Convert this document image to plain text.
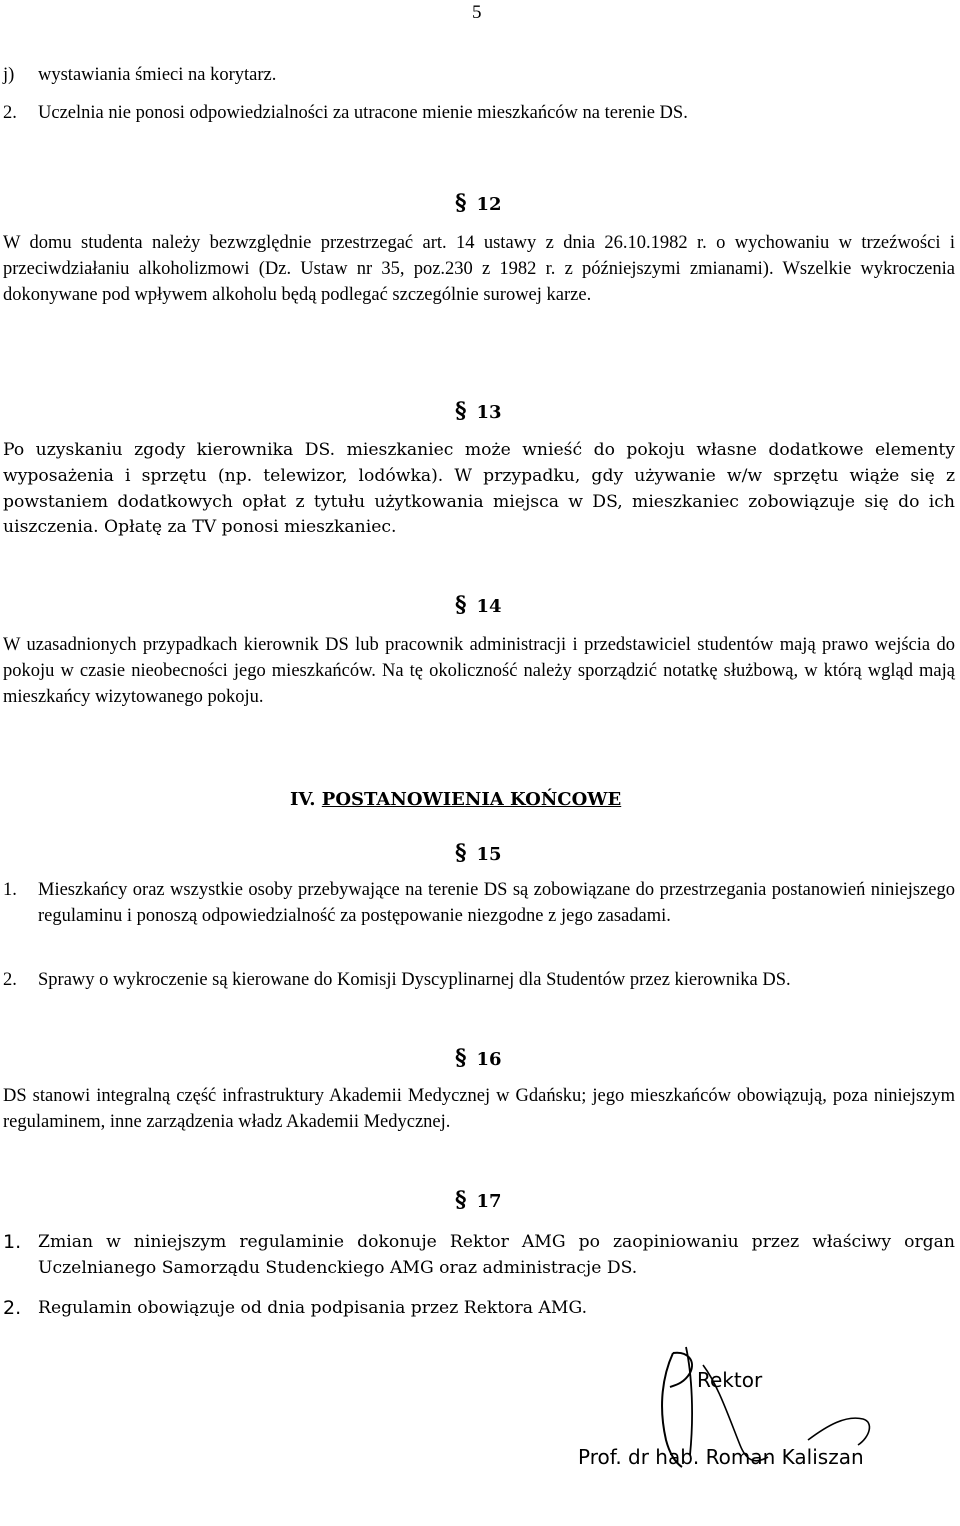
5
j) wystawiania śmieci na korytarz.
2. Uczelnia nie ponosi odpowiedzialności za utracone mienie mieszkańców na terenie DS.
§ 12
W domu studenta należy bezwzględnie przestrzegać art. 14 ustawy z dnia 26.10.1982 r. o wychowaniu w trzeźwości i przeciwdziałaniu alkoholizmowi (Dz. Ustaw nr 35, poz.230 z 1982 r. z późniejszymi zmianami). Wszelkie wykroczenia dokonywane pod wpływem alkoholu będą podlegać szczególnie surowej karze.
§ 13
Po uzyskaniu zgody kierownika DS. mieszkaniec może wnieść do pokoju własne dodatkowe elementy wyposażenia i sprzętu (np. telewizor, lodówka). W przypadku, gdy używanie w/w sprzętu wiąże się z powstaniem dodatkowych opłat z tytułu użytkowania miejsca w DS, mieszkaniec zobowiązuje się do ich uiszczenia. Opłatę za TV ponosi mieszkaniec.
§ 14
W uzasadnionych przypadkach kierownik DS lub pracownik administracji i przedstawiciel studentów mają prawo wejścia do pokoju w czasie nieobecności jego mieszkańców. Na tę okoliczność należy sporządzić notatkę służbową, w którą wgląd mają mieszkańcy wizytowanego pokoju.
IV. POSTANOWIENIA KOŃCOWE
§ 15
1. Mieszkańcy oraz wszystkie osoby przebywające na terenie DS są zobowiązane do przestrzegania postanowień niniejszego regulaminu i ponoszą odpowiedzialność za postępowanie niezgodne z jego zasadami.
2. Sprawy o wykroczenie są kierowane do Komisji Dyscyplinarnej dla Studentów przez kierownika DS.
§ 16
DS stanowi integralną część infrastruktury Akademii Medycznej w Gdańsku; jego mieszkańców obowiązują, poza niniejszym regulaminem, inne zarządzenia władz Akademii Medycznej.
§ 17
1. Zmian w niniejszym regulaminie dokonuje Rektor AMG po zaopiniowaniu przez właściwy organ Uczelnianego Samorządu Studenckiego AMG oraz administracje DS.
2. Regulamin obowiązuje od dnia podpisania przez Rektora AMG.
Rektor
Prof. dr hab. Roman Kaliszan
